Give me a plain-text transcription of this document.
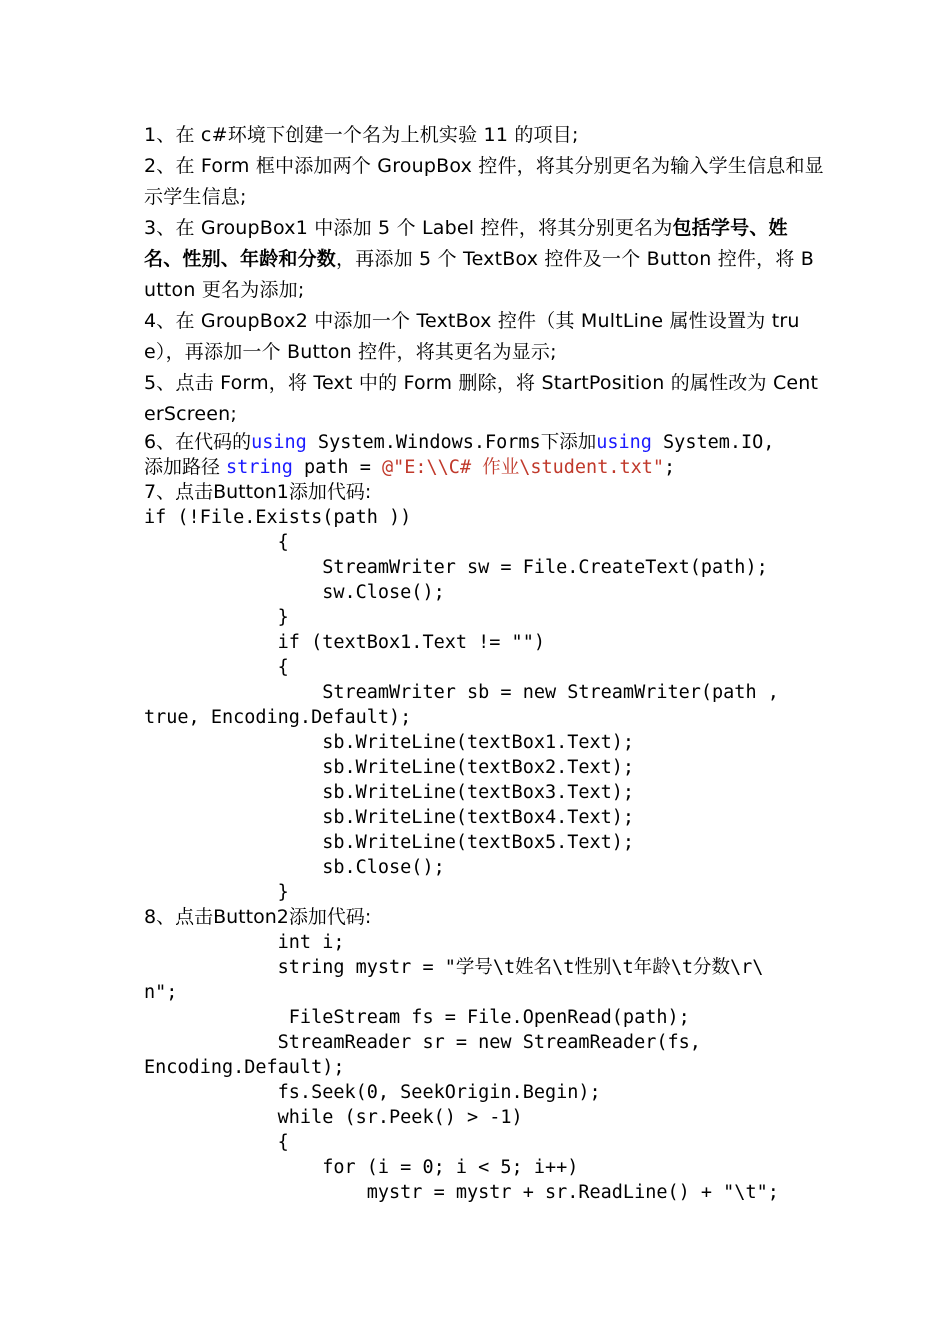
1、在 c#环境下创建一个名为上机实验 11 的项目;
2、在 Form 框中添加两个 GroupBox 控件，将其分别更名为输入学生信息和显示学生信息;
3、在 GroupBox1 中添加 5 个 Label 控件，将其分别更名为包括学号、姓名、性别、年龄和分数，再添加 5 个 TextBox 控件及一个 Button 控件，将 Button 更名为添加;
4、在 GroupBox2 中添加一个 TextBox 控件（其 MultLine 属性设置为 true），再添加一个 Button 控件，将其更名为显示;
5、点击 Form，将 Text 中的 Form 删除，将 StartPosition 的属性改为 CenterScreen;
6、在代码的using System.Windows.Forms下添加using System.IO,
添加路径 string path = @"E:\\C# 作业\student.txt";
7、点击Button1添加代码:
if (!File.Exists(path ))
{
StreamWriter sw = File.CreateText(path);
sw.Close();
}
if (textBox1.Text != "")
{
StreamWriter sb = new StreamWriter(path ,
true, Encoding.Default);
sb.WriteLine(textBox1.Text);
sb.WriteLine(textBox2.Text);
sb.WriteLine(textBox3.Text);
sb.WriteLine(textBox4.Text);
sb.WriteLine(textBox5.Text);
sb.Close();
}
8、点击Button2添加代码:
int i;
string mystr = "学号\t姓名\t性别\t年龄\t分数\r\
n";
FileStream fs = File.OpenRead(path);
StreamReader sr = new StreamReader(fs,
Encoding.Default);
fs.Seek(0, SeekOrigin.Begin);
while (sr.Peek() > -1)
{
for (i = 0; i < 5; i++)
mystr = mystr + sr.ReadLine() + "\t";
